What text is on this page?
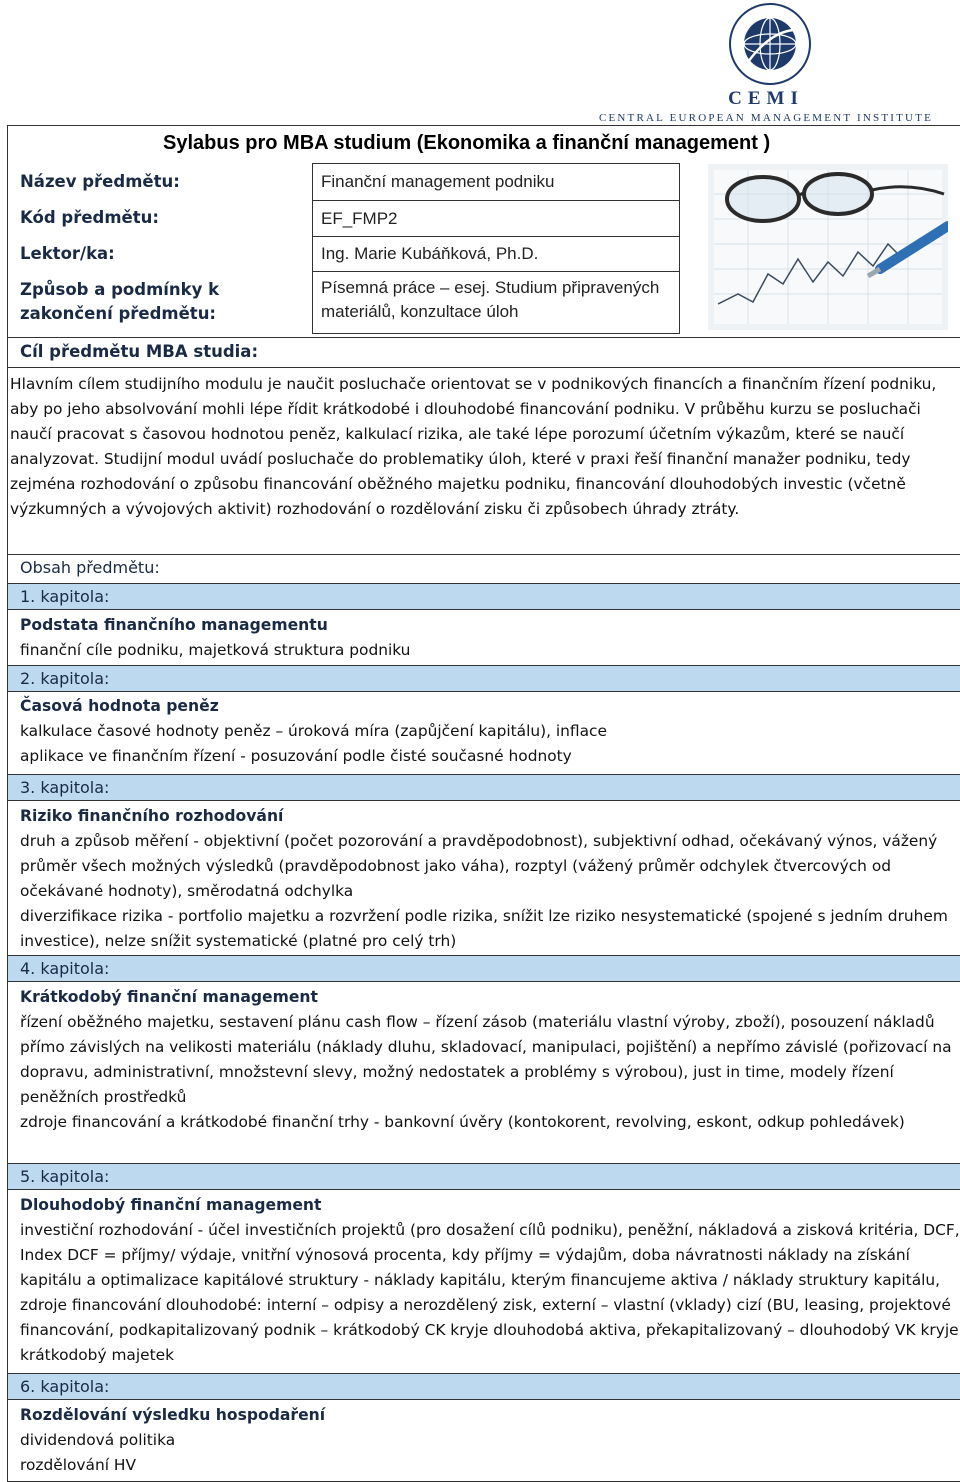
CEMI
CENTRAL EUROPEAN MANAGEMENT INSTITUTE
Sylabus pro MBA studium (Ekonomika a finanční management )
Název předmětu:
Kód předmětu:
Lektor/ka:
Způsob a podmínky k zakončení předmětu:
Finanční management podniku
EF_FMP2
Ing. Marie Kubáňková, Ph.D.
Písemná práce – esej. Studium připravených materiálů, konzultace úloh
Cíl předmětu MBA studia:
Hlavním cílem studijního modulu je naučit posluchače orientovat se v podnikových financích a finančním řízení podniku, aby po jeho absolvování mohli lépe řídit krátkodobé i dlouhodobé financování podniku. V průběhu kurzu se posluchači naučí pracovat s časovou hodnotou peněz, kalkulací rizika, ale také lépe porozumí účetním výkazům, které se naučí analyzovat. Studijní modul uvádí posluchače do problematiky úloh, které v praxi řeší finanční manažer podniku, tedy zejména rozhodování o způsobu financování oběžného majetku podniku, financování dlouhodobých investic (včetně výzkumných a vývojových aktivit) rozhodování o rozdělování zisku či způsobech úhrady ztráty.
Obsah předmětu:
1. kapitola:
Podstata finančního managementu
finanční cíle podniku, majetková struktura podniku
2. kapitola:
Časová hodnota peněz
kalkulace časové hodnoty peněz – úroková míra (zapůjčení kapitálu), inflace
aplikace ve finančním řízení - posuzování podle čisté současné hodnoty
3. kapitola:
Riziko finančního rozhodování
druh a způsob měření - objektivní (počet pozorování a pravděpodobnost), subjektivní odhad, očekávaný výnos, vážený průměr všech možných výsledků (pravděpodobnost jako váha), rozptyl (vážený průměr odchylek čtvercových od očekávané hodnoty), směrodatná odchylka
diverzifikace rizika - portfolio majetku a rozvržení podle rizika, snížit lze riziko nesystematické (spojené s jedním druhem investice), nelze snížit systematické (platné pro celý trh)
4. kapitola:
Krátkodobý finanční management
řízení oběžného majetku, sestavení plánu cash flow – řízení zásob (materiálu vlastní výroby, zboží), posouzení nákladů přímo závislých na velikosti materiálu (náklady dluhu, skladovací, manipulaci, pojištění) a nepřímo závislé (pořizovací na dopravu, administrativní, množstevní slevy, možný nedostatek a problémy s výrobou), just in time, modely řízení peněžních prostředků
zdroje financování a krátkodobé finanční trhy - bankovní úvěry (kontokorent, revolving, eskont, odkup pohledávek)
5. kapitola:
Dlouhodobý finanční management
investiční rozhodování - účel investičních projektů (pro dosažení cílů podniku), peněžní, nákladová a zisková kritéria, DCF, Index DCF = příjmy/ výdaje, vnitřní výnosová procenta, kdy příjmy = výdajům, doba návratnosti náklady na získání kapitálu a optimalizace kapitálové struktury - náklady kapitálu, kterým financujeme aktiva / náklady struktury kapitálu, zdroje financování dlouhodobé: interní – odpisy a nerozdělený zisk, externí – vlastní (vklady) cizí (BU, leasing, projektové financování, podkapitalizovaný podnik – krátkodobý CK kryje dlouhodobá aktiva, překapitalizovaný – dlouhodobý VK kryje krátkodobý majetek
6. kapitola:
Rozdělování výsledku hospodaření
dividendová politika
rozdělování HV
